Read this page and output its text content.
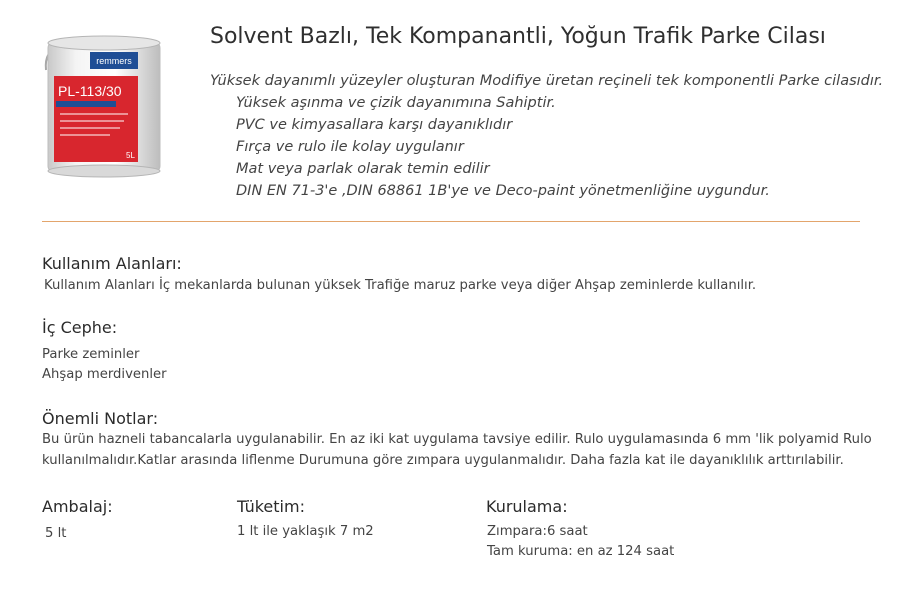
remmers
PL-113/30
5L
Solvent Bazlı, Tek Kompanantli, Yoğun Trafik Parke Cilası
Yüksek dayanımlı yüzeyler oluşturan Modifiye üretan reçineli tek komponentli Parke cilasıdır.
Yüksek aşınma ve çizik dayanımına Sahiptir.
PVC ve kimyasallara karşı dayanıklıdır
Fırça ve rulo ile kolay uygulanır
Mat veya parlak olarak temin edilir
DIN EN 71-3'e ,DIN 68861 1B'ye ve Deco-paint yönetmenliğine uygundur.
Kullanım Alanları:
Kullanım Alanları İç mekanlarda bulunan yüksek Trafiğe maruz parke veya diğer Ahşap zeminlerde kullanılır.
İç Cephe:
Parke zeminler
Ahşap merdivenler
Önemli Notlar:
Bu ürün hazneli tabancalarla uygulanabilir. En az iki kat uygulama tavsiye edilir. Rulo uygulamasında 6 mm 'lik polyamid Rulo
kullanılmalıdır.Katlar arasında liflenme Durumuna göre zımpara uygulanmalıdır. Daha fazla kat ile dayanıklılık arttırılabilir.
Ambalaj:
5 lt
Tüketim:
1 lt ile yaklaşık 7 m2
Kurulama:
Zımpara:6 saat
Tam kuruma: en az 124 saat
